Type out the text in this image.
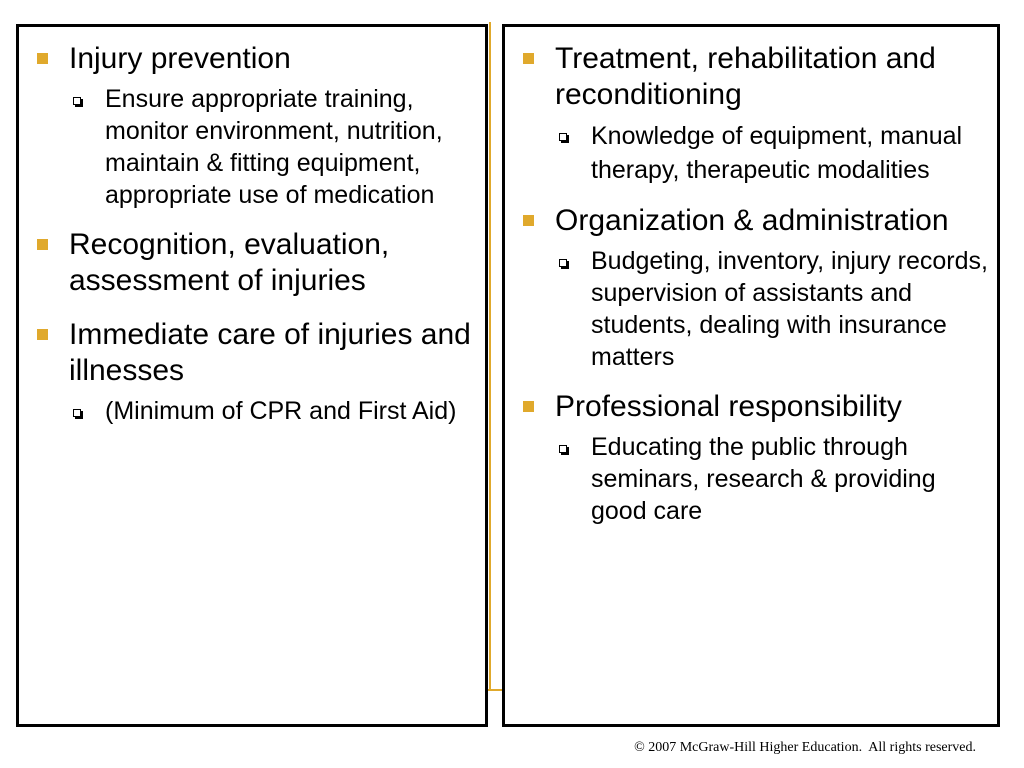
Injury prevention
Ensure appropriate training, monitor environment, nutrition, maintain & fitting equipment, appropriate use of medication
Recognition, evaluation, assessment of injuries
Immediate care of injuries and illnesses
(Minimum of CPR and First Aid)
Treatment, rehabilitation and reconditioning
Knowledge of equipment, manual therapy, therapeutic modalities
Organization & administration
Budgeting, inventory, injury records, supervision of assistants and students, dealing with insurance matters
Professional responsibility
Educating the public through seminars, research & providing good care
© 2007 McGraw-Hill Higher Education.  All rights reserved.
